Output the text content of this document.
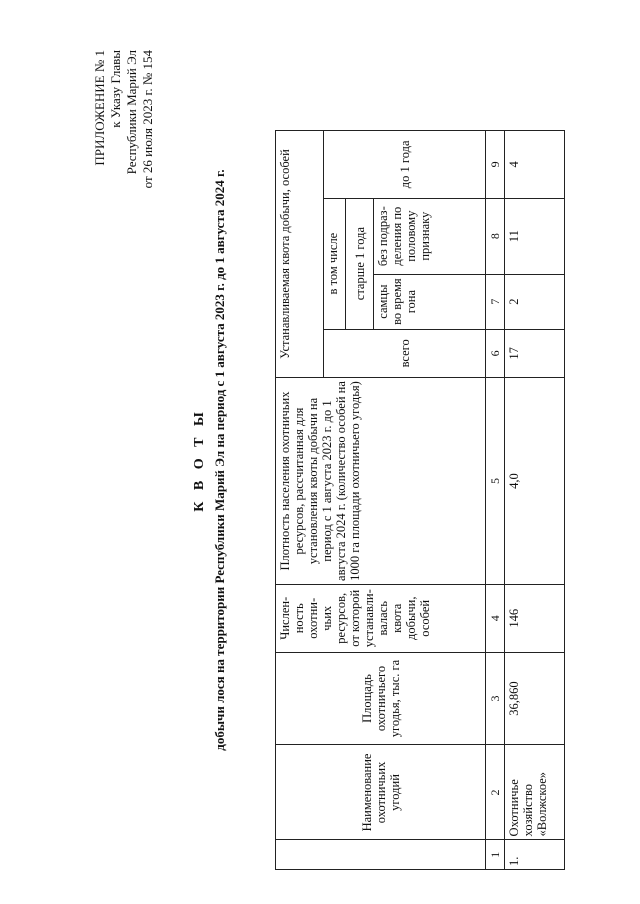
ПРИЛОЖЕНИЕ № 1 к Указу Главы Республики Марий Эл от 26 июля 2023 г. № 154
К В О Т Ы добычи лося на территории Республики Марий Эл на период с 1 августа 2023 г. до 1 августа 2024 г.
	Наименование охотничьих угодий	Площадь охотничьего угодья, тыс. га	Числен-ность охотни-чьих ресурсов, от которой устанавли-валась квота добычи, особей	Плотность населения охотничьих ресурсов, рассчитанная для установления квоты добычи на период с 1 августа 2023 г. до 1 августа 2024 г. (количество особей на 1000 га площади охотничьего угодья)	Устанавливаемая квота добычи, особей			
					всего	в том числе		до 1 года
						старше 1 года		
						самцы во время гона	без подраз-деления по половому признаку	
1	2	3	4	5	6	7	8	9
1.	Охотничье хозяйство «Волжское»	36,860	146	4,0	17	2	11	4
